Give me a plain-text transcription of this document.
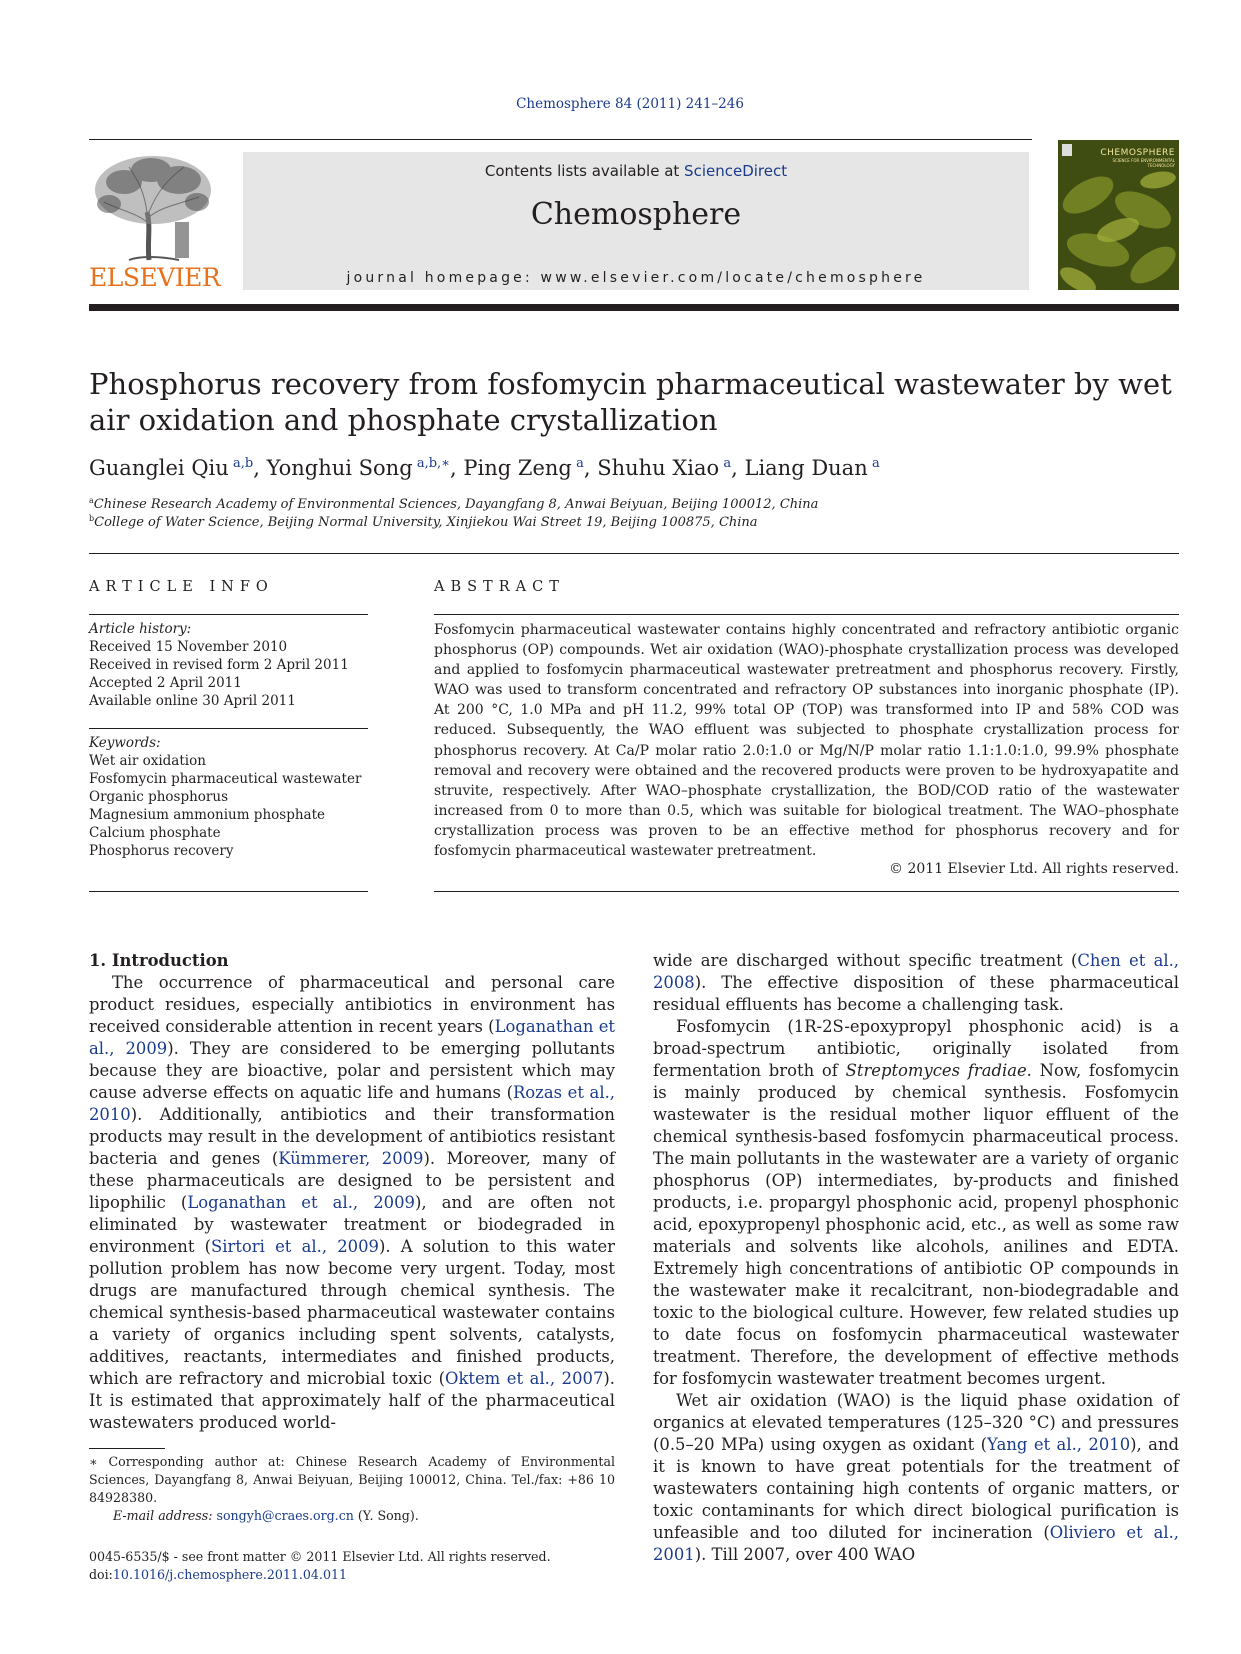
Chemosphere 84 (2011) 241–246
ELSEVIER
Contents lists available at ScienceDirect
Chemosphere
journal homepage: www.elsevier.com/locate/chemosphere
CHEMOSPHERE
SCIENCE FOR ENVIRONMENTAL TECHNOLOGY
Phosphorus recovery from fosfomycin pharmaceutical wastewater by wet air oxidation and phosphate crystallization
Guanglei Qiu $^{a,b}$, Yonghui Song $^{a,b,∗}$, Ping Zeng $^a$, Shuhu Xiao $^a$, Liang Duan $^a$
$^a$Chinese Research Academy of Environmental Sciences, Dayangfang 8, Anwai Beiyuan, Beijing 100012, China
$^b$College of Water Science, Beijing Normal University, Xinjiekou Wai Street 19, Beijing 100875, China
ARTICLE INFO
Article history:
Received 15 November 2010
Received in revised form 2 April 2011
Accepted 2 April 2011
Available online 30 April 2011
Keywords:
Wet air oxidation
Fosfomycin pharmaceutical wastewater
Organic phosphorus
Magnesium ammonium phosphate
Calcium phosphate
Phosphorus recovery
ABSTRACT
Fosfomycin pharmaceutical wastewater contains highly concentrated and refractory antibiotic organic phosphorus (OP) compounds. Wet air oxidation (WAO)-phosphate crystallization process was developed and applied to fosfomycin pharmaceutical wastewater pretreatment and phosphorus recovery. Firstly, WAO was used to transform concentrated and refractory OP substances into inorganic phosphate (IP). At 200 °C, 1.0 MPa and pH 11.2, 99% total OP (TOP) was transformed into IP and 58% COD was reduced. Subsequently, the WAO effluent was subjected to phosphate crystallization process for phosphorus recovery. At Ca/P molar ratio 2.0:1.0 or Mg/N/P molar ratio 1.1:1.0:1.0, 99.9% phosphate removal and recovery were obtained and the recovered products were proven to be hydroxyapatite and struvite, respectively. After WAO–phosphate crystallization, the BOD/COD ratio of the wastewater increased from 0 to more than 0.5, which was suitable for biological treatment. The WAO–phosphate crystallization process was proven to be an effective method for phosphorus recovery and for fosfomycin pharmaceutical wastewater pretreatment.
© 2011 Elsevier Ltd. All rights reserved.
1. Introduction

The occurrence of pharmaceutical and personal care product residues, especially antibiotics in environment has received considerable attention in recent years (Loganathan et al., 2009). They are considered to be emerging pollutants because they are bioactive, polar and persistent which may cause adverse effects on aquatic life and humans (Rozas et al., 2010). Additionally, antibiotics and their transformation products may result in the development of antibiotics resistant bacteria and genes (Kümmerer, 2009). Moreover, many of these pharmaceuticals are designed to be persistent and lipophilic (Loganathan et al., 2009), and are often not eliminated by wastewater treatment or biodegraded in environment (Sirtori et al., 2009). A solution to this water pollution problem has now become very urgent. Today, most drugs are manufactured through chemical synthesis. The chemical synthesis-based pharmaceutical wastewater contains a variety of organics including spent solvents, catalysts, additives, reactants, intermediates and finished products, which are refractory and microbial toxic (Oktem et al., 2007). It is estimated that approximately half of the pharmaceutical wastewaters produced world-

wide are discharged without specific treatment (Chen et al., 2008). The effective disposition of these pharmaceutical residual effluents has become a challenging task.

Fosfomycin (1R-2S-epoxypropyl phosphonic acid) is a broad-spectrum antibiotic, originally isolated from fermentation broth of Streptomyces fradiae. Now, fosfomycin is mainly produced by chemical synthesis. Fosfomycin wastewater is the residual mother liquor effluent of the chemical synthesis-based fosfomycin pharmaceutical process. The main pollutants in the wastewater are a variety of organic phosphorus (OP) intermediates, by-products and finished products, i.e. propargyl phosphonic acid, propenyl phosphonic acid, epoxypropenyl phosphonic acid, etc., as well as some raw materials and solvents like alcohols, anilines and EDTA. Extremely high concentrations of antibiotic OP compounds in the wastewater make it recalcitrant, non-biodegradable and toxic to the biological culture. However, few related studies up to date focus on fosfomycin pharmaceutical wastewater treatment. Therefore, the development of effective methods for fosfomycin wastewater treatment becomes urgent.

Wet air oxidation (WAO) is the liquid phase oxidation of organics at elevated temperatures (125–320 °C) and pressures (0.5–20 MPa) using oxygen as oxidant (Yang et al., 2010), and it is known to have great potentials for the treatment of wastewaters containing high contents of organic matters, or toxic contaminants for which direct biological purification is unfeasible and too diluted for incineration (Oliviero et al., 2001). Till 2007, over 400 WAO

∗ Corresponding author at: Chinese Research Academy of Environmental Sciences, Dayangfang 8, Anwai Beiyuan, Beijing 100012, China. Tel./fax: +86 10 84928380.

E-mail address: songyh@craes.org.cn (Y. Song).

0045-6535/$ - see front matter © 2011 Elsevier Ltd. All rights reserved.

doi:10.1016/j.chemosphere.2011.04.011
